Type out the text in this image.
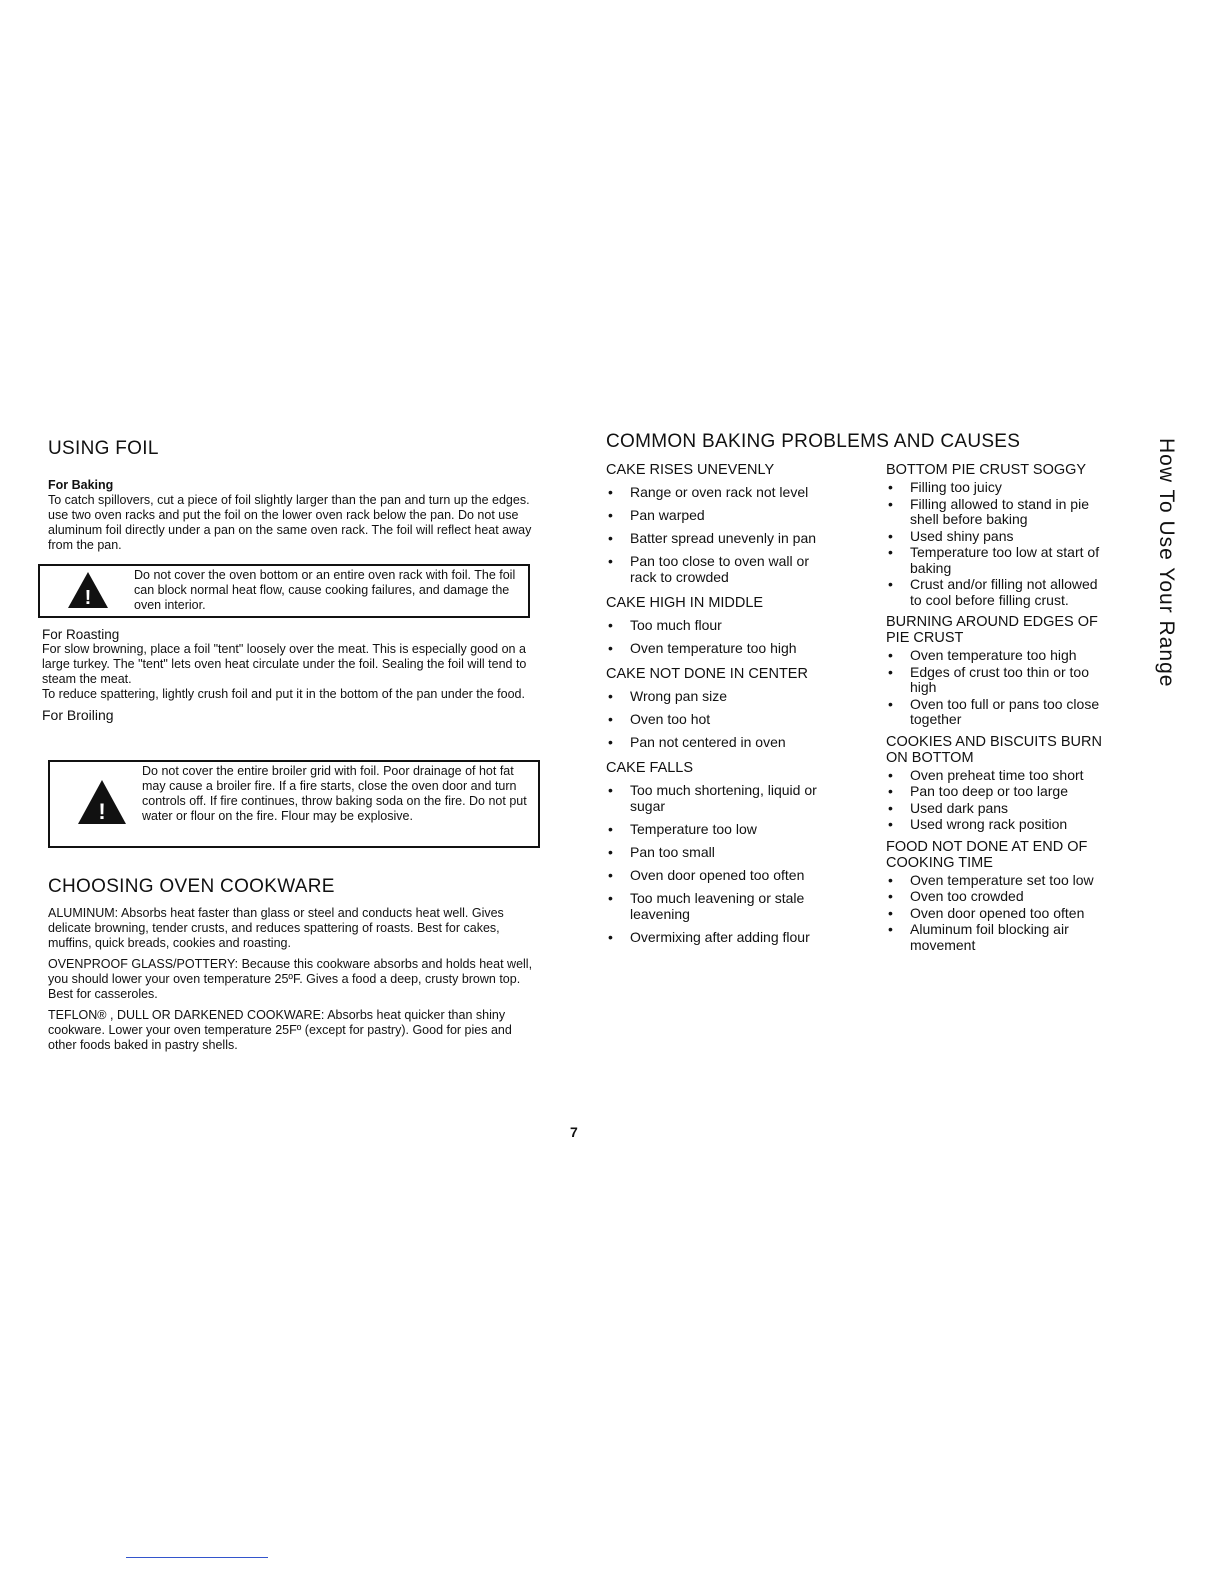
USING FOIL
For Baking
To catch spillovers, cut a piece of foil slightly larger than the pan and turn up the edges. use two oven racks and put the foil on the lower oven rack below the pan. Do not use aluminum foil directly under a pan on the same oven rack. The foil will reflect heat away from the pan.
!
Do not cover the oven bottom or an entire oven rack with foil. The foil can block normal heat flow, cause cooking failures, and damage the oven interior.
For Roasting
For slow browning, place a foil "tent" loosely over the meat. This is especially good on a large turkey. The "tent" lets oven heat circulate under the foil. Sealing the foil will tend to steam the meat.
To reduce spattering, lightly crush foil and put it in the bottom of the pan under the food.
For Broiling
!
Do not cover the entire broiler grid with foil. Poor drainage of hot fat may cause a broiler fire. If a fire starts, close the oven door and turn controls off. If fire continues, throw baking soda on the fire. Do not put water or flour on the fire. Flour may be explosive.
CHOOSING OVEN COOKWARE

ALUMINUM: Absorbs heat faster than glass or steel and conducts heat well. Gives delicate browning, tender crusts, and reduces spattering of roasts. Best for cakes, muffins, quick breads, cookies and roasting.

OVENPROOF GLASS/POTTERY: Because this cookware absorbs and holds heat well, you should lower your oven temperature 25ºF. Gives a food a deep, crusty brown top. Best for casseroles.

TEFLON® , DULL OR DARKENED COOKWARE: Absorbs heat quicker than shiny cookware. Lower your oven temperature 25Fº (except for pastry). Good for pies and other foods baked in pastry shells.

COMMON BAKING PROBLEMS AND CAUSES

CAKE RISES UNEVENLY

• Range or oven rack not level
• Pan warped
• Batter spread unevenly in pan
• Pan too close to oven wall or rack to crowded

CAKE HIGH IN MIDDLE

• Too much flour
• Oven temperature too high

CAKE NOT DONE IN CENTER

• Wrong pan size
• Oven too hot
• Pan not centered in oven

CAKE FALLS

• Too much shortening, liquid or sugar
• Temperature too low
• Pan too small
• Oven door opened too often
• Too much leavening or stale leavening
• Overmixing after adding flour

BOTTOM PIE CRUST SOGGY

• Filling too juicy
• Filling allowed to stand in pie shell before baking
• Used shiny pans
• Temperature too low at start of baking
• Crust and/or filling not allowed to cool before filling crust.

BURNING AROUND EDGES OF PIE CRUST

• Oven temperature too high
• Edges of crust too thin or too high
• Oven too full or pans too close together

COOKIES AND BISCUITS BURN ON BOTTOM

• Oven preheat time too short
• Pan too deep or too large
• Used dark pans
• Used wrong rack position

FOOD NOT DONE AT END OF COOKING TIME

• Oven temperature set too low
• Oven too crowded
• Oven door opened too often
• Aluminum foil blocking air movement
How To Use Your Range
7
